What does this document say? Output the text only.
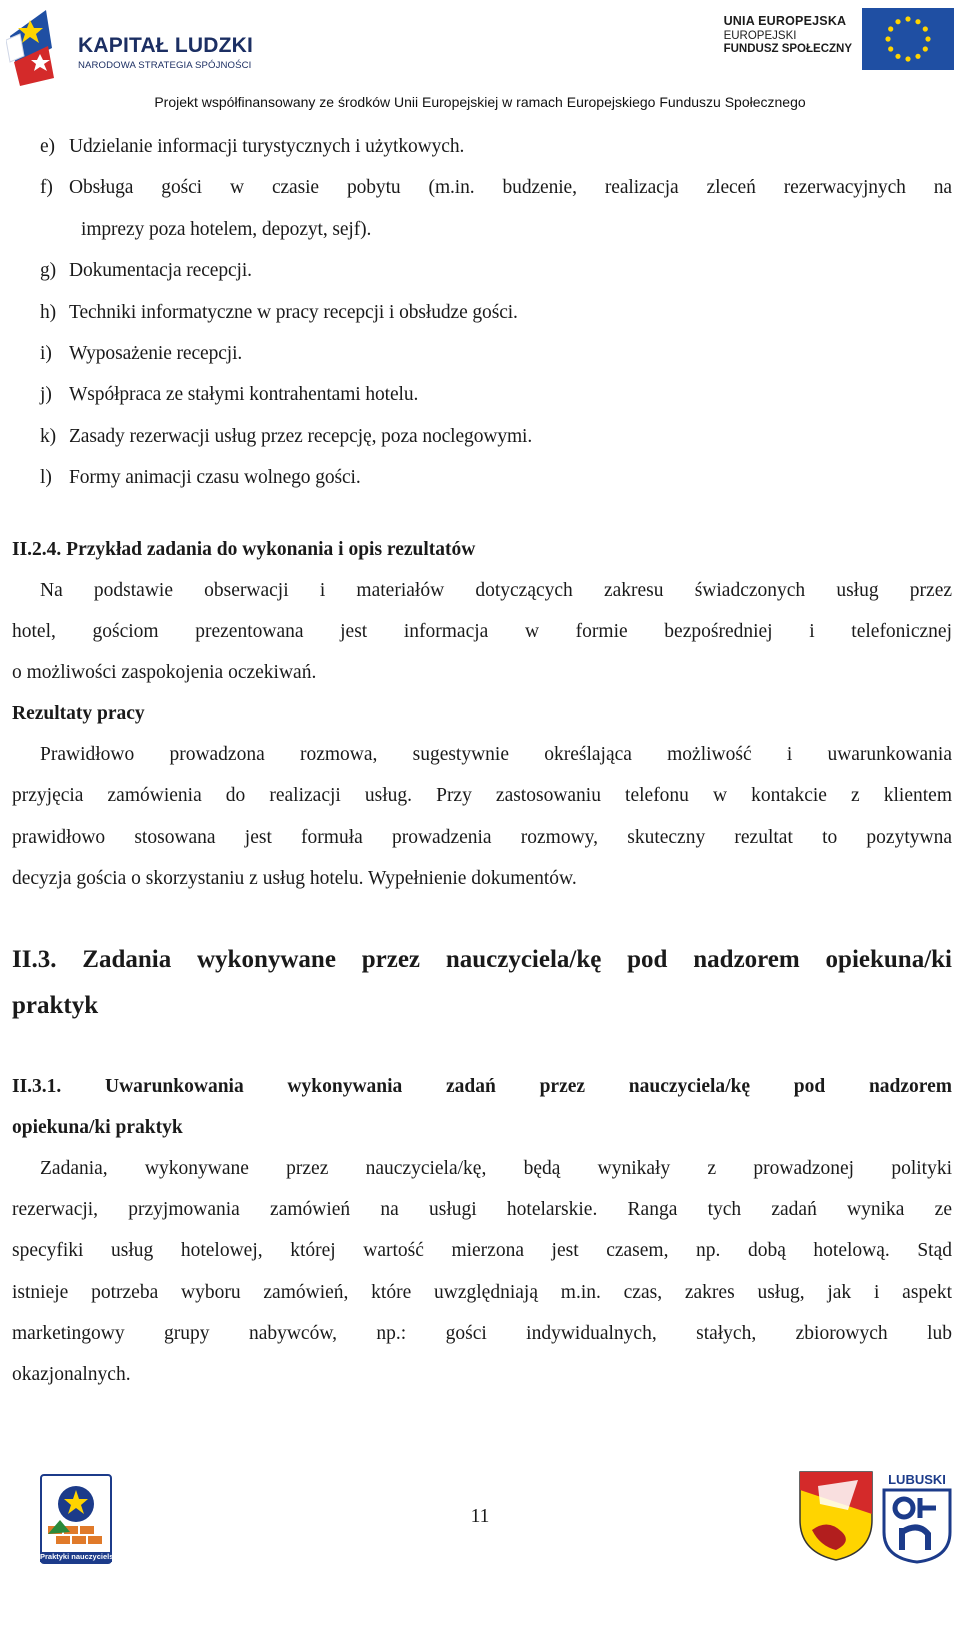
KAPITAŁ LUDZKI
NARODOWA STRATEGIA SPÓJNOŚCI
UNIA EUROPEJSKA
EUROPEJSKI
FUNDUSZ SPOŁECZNY
Projekt współfinansowany ze środków Unii Europejskiej w ramach Europejskiego Funduszu Społecznego
e) Udzielanie informacji turystycznych i użytkowych.
f) Obsługa gości w czasie pobytu (m.in. budzenie, realizacja zleceń rezerwacyjnych na
imprezy poza hotelem, depozyt, sejf).
g) Dokumentacja recepcji.
h) Techniki informatyczne w pracy recepcji i obsłudze gości.
i) Wyposażenie recepcji.
j) Współpraca ze stałymi kontrahentami hotelu.
k) Zasady rezerwacji usług przez recepcję, poza noclegowymi.
l) Formy animacji czasu wolnego gości.
II.2.4. Przykład zadania do wykonania i opis rezultatów
Na podstawie obserwacji i materiałów dotyczących zakresu świadczonych usług przez
hotel, gościom prezentowana jest informacja w formie bezpośredniej i telefonicznej
o możliwości zaspokojenia oczekiwań.
Rezultaty pracy
Prawidłowo prowadzona rozmowa, sugestywnie określająca możliwość i uwarunkowania
przyjęcia zamówienia do realizacji usług. Przy zastosowaniu telefonu w kontakcie z klientem
prawidłowo stosowana jest formuła prowadzenia rozmowy, skuteczny rezultat to pozytywna
decyzja gościa o skorzystaniu z usług hotelu. Wypełnienie dokumentów.
II.3. Zadania wykonywane przez nauczyciela/kę pod nadzorem opiekuna/ki
praktyk
II.3.1. Uwarunkowania wykonywania zadań przez nauczyciela/kę pod nadzorem
opiekuna/ki praktyk
Zadania, wykonywane przez nauczyciela/kę, będą wynikały z prowadzonej polityki
rezerwacji, przyjmowania zamówień na usługi hotelarskie. Ranga tych zadań wynika ze
specyfiki usług hotelowej, której wartość mierzona jest czasem, np. dobą hotelową. Stąd
istnieje potrzeba wyboru zamówień, które uwzględniają m.in. czas, zakres usług, jak i aspekt
marketingowy grupy nabywców, np.: gości indywidualnych, stałych, zbiorowych lub
okazjonalnych.
Praktyki nauczycielskie
11
LUBUSKI
